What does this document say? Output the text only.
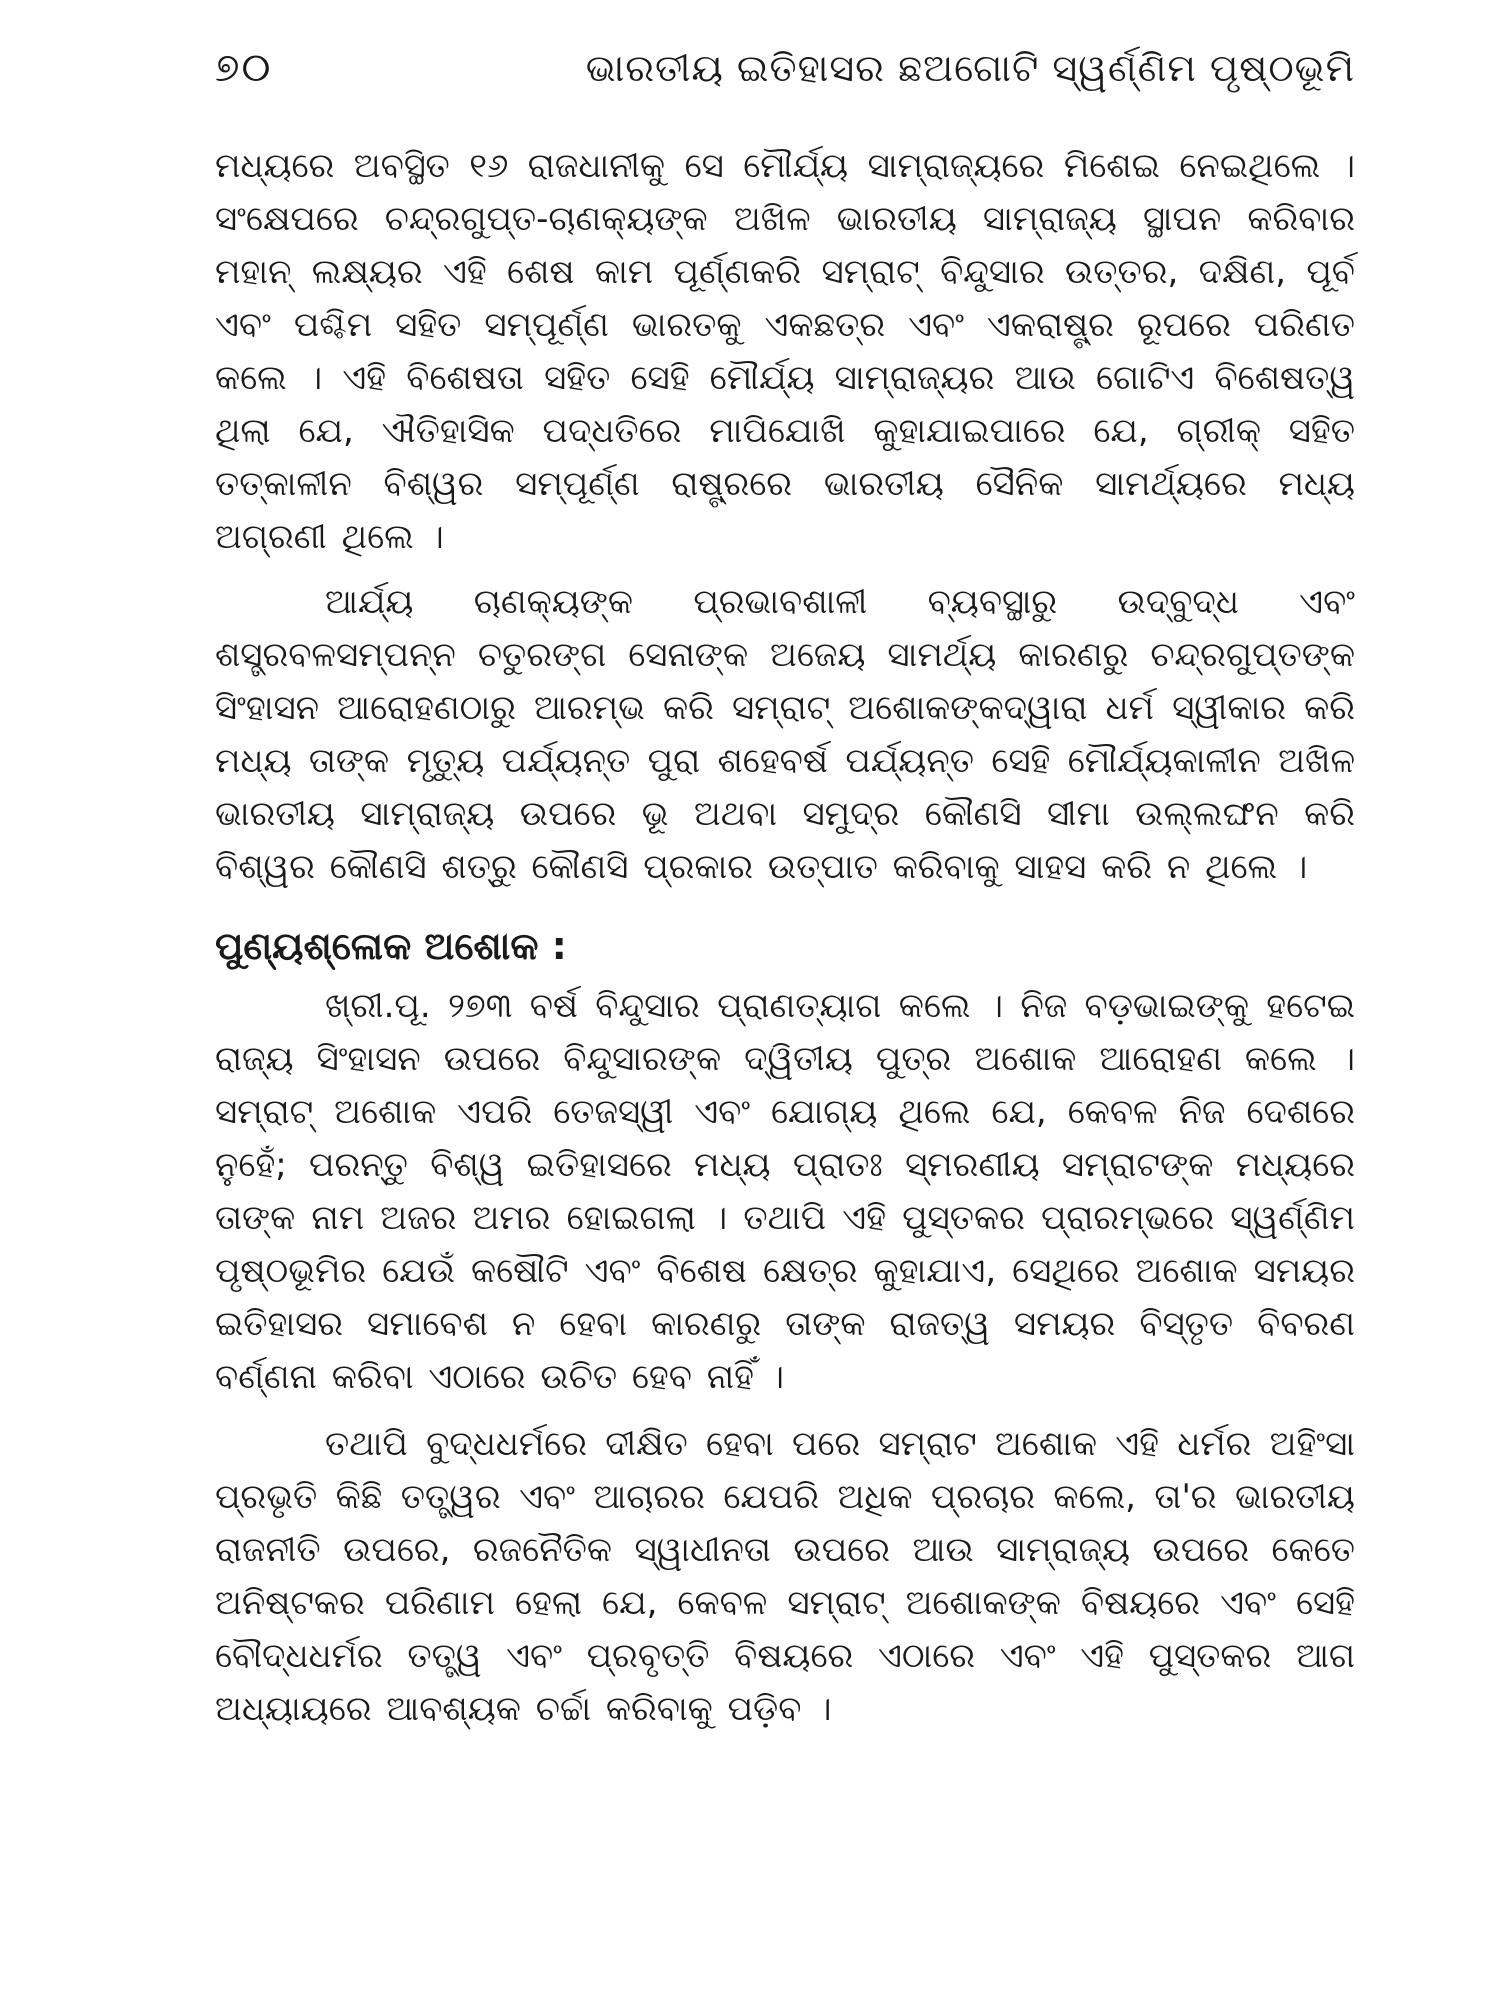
୭୦	ଭାରତୀୟ ଇତିହାସର ଛଅଗୋଟି ସ୍ୱର୍ଣ୍ଣିମ ପୃଷ୍ଠଭୂମି

ମଧ୍ୟରେ ଅବସ୍ଥିତ ୧୬ ରାଜଧାନୀକୁ ସେ ମୌର୍ଯ୍ୟ ସାମ୍ରାଜ୍ୟରେ ମିଶେଇ ନେଇଥିଲେ । ସଂକ୍ଷେପରେ ଚନ୍ଦ୍ରଗୁପ୍ତ-ଚାଣକ୍ୟଙ୍କ ଅଖିଳ ଭାରତୀୟ ସାମ୍ରାଜ୍ୟ ସ୍ଥାପନ କରିବାର ମହାନ୍ ଲକ୍ଷ୍ୟର ଏହି ଶେଷ କାମ ପୂର୍ଣ୍ଣକରି ସମ୍ରାଟ୍ ବିନ୍ଦୁସାର ଉତ୍ତର, ଦକ୍ଷିଣ, ପୂର୍ବ ଏବଂ ପଶ୍ଚିମ ସହିତ ସମ୍ପୂର୍ଣ୍ଣ ଭାରତକୁ ଏକଛତ୍ର ଏବଂ ଏକରାଷ୍ଟ୍ର ରୂପରେ ପରିଣତ କଲେ । ଏହି ବିଶେଷତା ସହିତ ସେହି ମୌର୍ଯ୍ୟ ସାମ୍ରାଜ୍ୟର ଆଉ ଗୋଟିଏ ବିଶେଷତ୍ୱ ଥିଲା ଯେ, ଐତିହାସିକ ପଦ୍ଧତିରେ ମାପିଯୋଖି କୁହାଯାଇପାରେ ଯେ, ଗ୍ରୀକ୍ ସହିତ ତତ୍କାଳୀନ ବିଶ୍ୱର ସମ୍ପୂର୍ଣ୍ଣ ରାଷ୍ଟ୍ରରେ ଭାରତୀୟ ସୈନିକ ସାମର୍ଥ୍ୟରେ ମଧ୍ୟ ଅଗ୍ରଣୀ ଥିଲେ ।

ଆର୍ଯ୍ୟ ଚାଣକ୍ୟଙ୍କ ପ୍ରଭାବଶାଳୀ ବ୍ୟବସ୍ଥାରୁ ଉଦ୍‌ବୁଦ୍ଧ ଏବଂ ଶସ୍ତ୍ରବଳସମ୍ପନ୍ନ ଚତୁରଙ୍ଗ ସେନାଙ୍କ ଅଜେୟ ସାମର୍ଥ୍ୟ କାରଣରୁ ଚନ୍ଦ୍ରଗୁପ୍ତଙ୍କ ସିଂହାସନ ଆରୋହଣଠାରୁ ଆରମ୍ଭ କରି ସମ୍ରାଟ୍ ଅଶୋକଙ୍କଦ୍ୱାରା ଧର୍ମ ସ୍ୱୀକାର କରି ମଧ୍ୟ ତାଙ୍କ ମୃତ୍ୟୁ ପର୍ଯ୍ୟନ୍ତ ପୁରା ଶହେବର୍ଷ ପର୍ଯ୍ୟନ୍ତ ସେହି ମୌର୍ଯ୍ୟକାଳୀନ ଅଖିଳ ଭାରତୀୟ ସାମ୍ରାଜ୍ୟ ଉପରେ ଭୂ ଅଥବା ସମୁଦ୍ର କୌଣସି ସୀମା ଉଲ୍ଲଙ୍ଘନ କରି ବିଶ୍ୱର କୌଣସି ଶତ୍ରୁ କୌଣସି ପ୍ରକାର ଉତ୍ପାତ କରିବାକୁ ସାହସ କରି ନ ଥିଲେ ।

ପୁଣ୍ୟଶ୍ଳୋକ ଅଶୋକ :

ଖ୍ରୀ.ପୂ. ୨୭୩ ବର୍ଷ ବିନ୍ଦୁସାର ପ୍ରାଣତ୍ୟାଗ କଲେ । ନିଜ ବଡ଼ଭାଇଙ୍କୁ ହଟେଇ ରାଜ୍ୟ ସିଂହାସନ ଉପରେ ବିନ୍ଦୁସାରଙ୍କ ଦ୍ୱିତୀୟ ପୁତ୍ର ଅଶୋକ ଆରୋହଣ କଲେ । ସମ୍ରାଟ୍ ଅଶୋକ ଏପରି ତେଜସ୍ୱୀ ଏବଂ ଯୋଗ୍ୟ ଥିଲେ ଯେ, କେବଳ ନିଜ ଦେଶରେ ନୁହେଁ; ପରନ୍ତୁ ବିଶ୍ୱ ଇତିହାସରେ ମଧ୍ୟ ପ୍ରାତଃ ସ୍ମରଣୀୟ ସମ୍ରାଟଙ୍କ ମଧ୍ୟରେ ତାଙ୍କ ନାମ ଅଜର ଅମର ହୋଇଗଲା । ତଥାପି ଏହି ପୁସ୍ତକର ପ୍ରାରମ୍ଭରେ ସ୍ୱର୍ଣ୍ଣିମ ପୃଷ୍ଠଭୂମିର ଯେଉଁ କଷୌଟି ଏବଂ ବିଶେଷ କ୍ଷେତ୍ର କୁହାଯାଏ, ସେଥିରେ ଅଶୋକ ସମୟର ଇତିହାସର ସମାବେଶ ନ ହେବା କାରଣରୁ ତାଙ୍କ ରାଜତ୍ୱ ସମୟର ବିସ୍ତୃତ ବିବରଣ ବର୍ଣ୍ଣନା କରିବା ଏଠାରେ ଉଚିତ ହେବ ନାହିଁ ।

ତଥାପି ବୁଦ୍ଧଧର୍ମରେ ଦୀକ୍ଷିତ ହେବା ପରେ ସମ୍ରାଟ ଅଶୋକ ଏହି ଧର୍ମର ଅହିଂସା ପ୍ରଭୃତି କିଛି ତତ୍ତ୍ୱର ଏବଂ ଆଚାରର ଯେପରି ଅଧିକ ପ୍ରଚାର କଲେ, ତା'ର ଭାରତୀୟ ରାଜନୀତି ଉପରେ, ରଜନୈତିକ ସ୍ୱାଧୀନତା ଉପରେ ଆଉ ସାମ୍ରାଜ୍ୟ ଉପରେ କେତେ ଅନିଷ୍ଟକର ପରିଣାମ ହେଲା ଯେ, କେବଳ ସମ୍ରାଟ୍ ଅଶୋକଙ୍କ ବିଷୟରେ ଏବଂ ସେହି ବୌଦ୍ଧଧର୍ମର ତତ୍ତ୍ୱ ଏବଂ ପ୍ରବୃତ୍ତି ବିଷୟରେ ଏଠାରେ ଏବଂ ଏହି ପୁସ୍ତକର ଆଗ ଅଧ୍ୟାୟରେ ଆବଶ୍ୟକ ଚର୍ଚ୍ଚା କରିବାକୁ ପଡ଼ିବ ।
